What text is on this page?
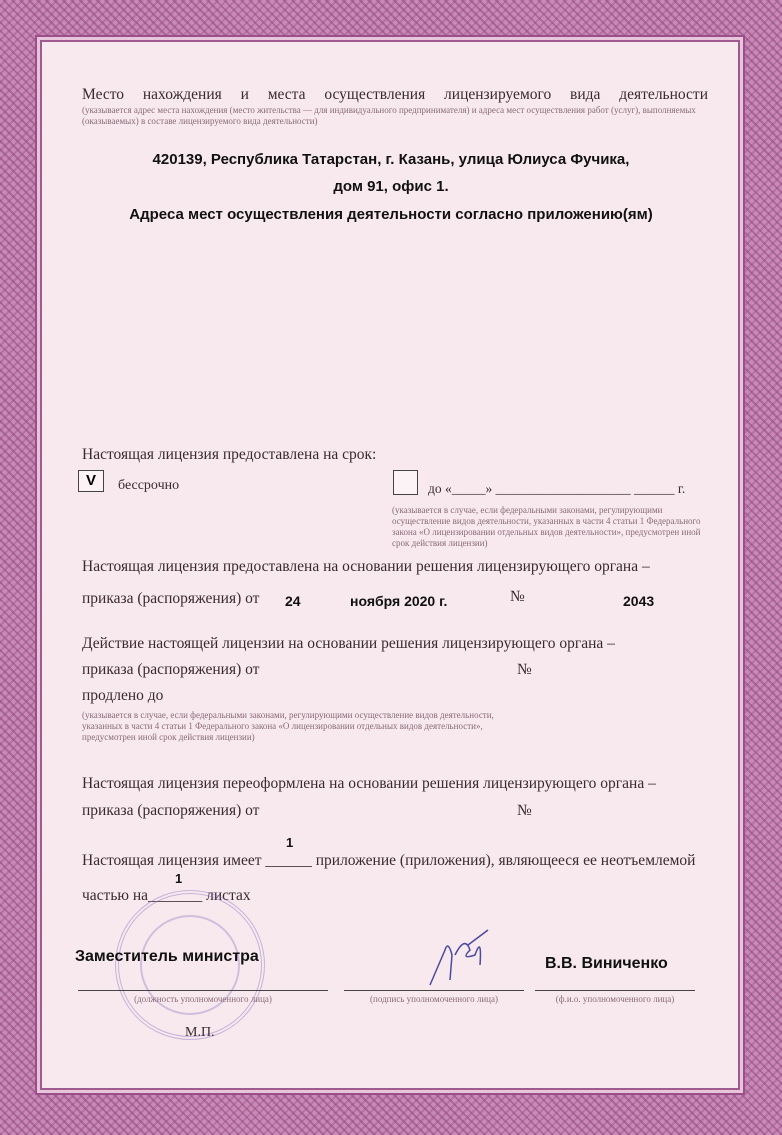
Место нахождения и места осуществления лицензируемого вида деятельности
(указывается адрес места нахождения (место жительства — для индивидуального предпринимателя) и адреса мест осуществления работ (услуг), выполняемых (оказываемых) в составе лицензируемого вида деятельности)
420139, Республика Татарстан, г. Казань, улица Юлиуса Фучика,
дом 91, офис 1.
Адреса мест осуществления деятельности согласно приложению(ям)
Настоящая лицензия предоставлена на срок:
V	бессрочно	до «_____» ____________________ ______ г.
(указывается в случае, если федеральными законами, регулирующими осуществление видов деятельности, указанных в части 4 статьи 1 Федерального закона «О лицензировании отдельных видов деятельности», предусмотрен иной срок действия лицензии)
Настоящая лицензия предоставлена на основании решения лицензирующего органа –
приказа (распоряжения) от 24	ноября 2020 г.	№	2043
Действие настоящей лицензии на основании решения лицензирующего органа –
приказа (распоряжения) от	№
продлено до
(указывается в случае, если федеральными законами, регулирующими осуществление видов деятельности, указанных в части 4 статьи 1 Федерального закона «О лицензировании отдельных видов деятельности», предусмотрен иной срок действия лицензии)
Настоящая лицензия переоформлена на основании решения лицензирующего органа –
приказа (распоряжения) от	№
1
Настоящая лицензия имеет ______ приложение (приложения), являющееся ее неотъемлемой
1
частью на_______ листах
Заместитель министра	В.В. Виниченко
(должность уполномоченного лица)	(подпись уполномоченного лица)	(ф.и.о. уполномоченного лица)
М.П.
